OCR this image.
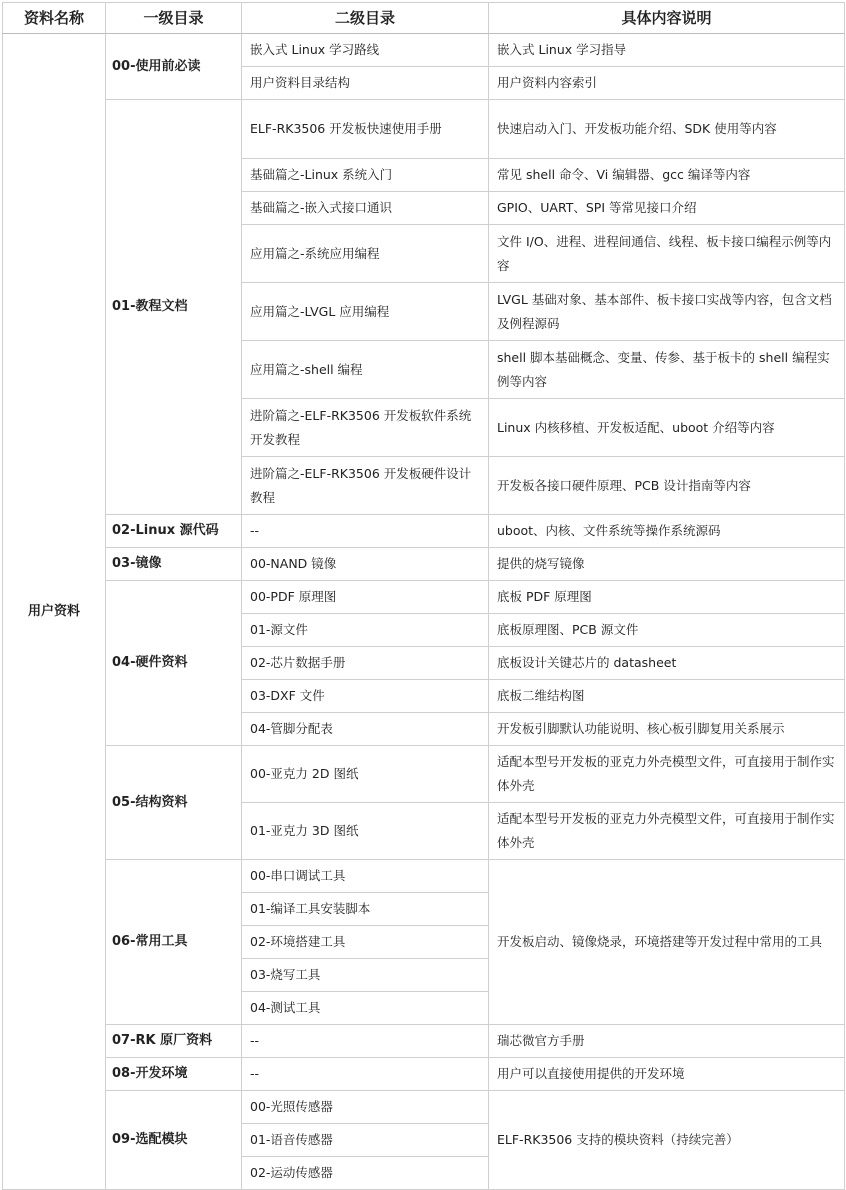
资料名称	一级目录	二级目录	具体内容说明
用户资料	00-使用前必读	嵌入式 Linux 学习路线	嵌入式 Linux 学习指导
		用户资料目录结构	用户资料内容索引
	01-教程文档	ELF-RK3506 开发板快速使用手册	快速启动入门、开发板功能介绍、SDK 使用等内容
		基础篇之-Linux 系统入门	常见 shell 命令、Vi 编辑器、gcc 编译等内容
		基础篇之-嵌入式接口通识	GPIO、UART、SPI 等常见接口介绍
		应用篇之-系统应用编程	文件 I/O、进程、进程间通信、线程、板卡接口编程示例等内容
		应用篇之-LVGL 应用编程	LVGL 基础对象、基本部件、板卡接口实战等内容，包含文档及例程源码
		应用篇之-shell 编程	shell 脚本基础概念、变量、传参、基于板卡的 shell 编程实例等内容
		进阶篇之-ELF-RK3506 开发板软件系统开发教程	Linux 内核移植、开发板适配、uboot 介绍等内容
		进阶篇之-ELF-RK3506 开发板硬件设计教程	开发板各接口硬件原理、PCB 设计指南等内容
	02-Linux 源代码	--	uboot、内核、文件系统等操作系统源码
	03-镜像	00-NAND 镜像	提供的烧写镜像
	04-硬件资料	00-PDF 原理图	底板 PDF 原理图
		01-源文件	底板原理图、PCB 源文件
		02-芯片数据手册	底板设计关键芯片的 datasheet
		03-DXF 文件	底板二维结构图
		04-管脚分配表	开发板引脚默认功能说明、核心板引脚复用关系展示
	05-结构资料	00-亚克力 2D 图纸	适配本型号开发板的亚克力外壳模型文件，可直接用于制作实体外壳
		01-亚克力 3D 图纸	适配本型号开发板的亚克力外壳模型文件，可直接用于制作实体外壳
	06-常用工具	00-串口调试工具	开发板启动、镜像烧录，环境搭建等开发过程中常用的工具
		01-编译工具安装脚本	
		02-环境搭建工具	
		03-烧写工具	
		04-测试工具	
	07-RK 原厂资料	--	瑞芯微官方手册
	08-开发环境	--	用户可以直接使用提供的开发环境
	09-选配模块	00-光照传感器	ELF-RK3506 支持的模块资料（持续完善）
		01-语音传感器	
		02-运动传感器	
